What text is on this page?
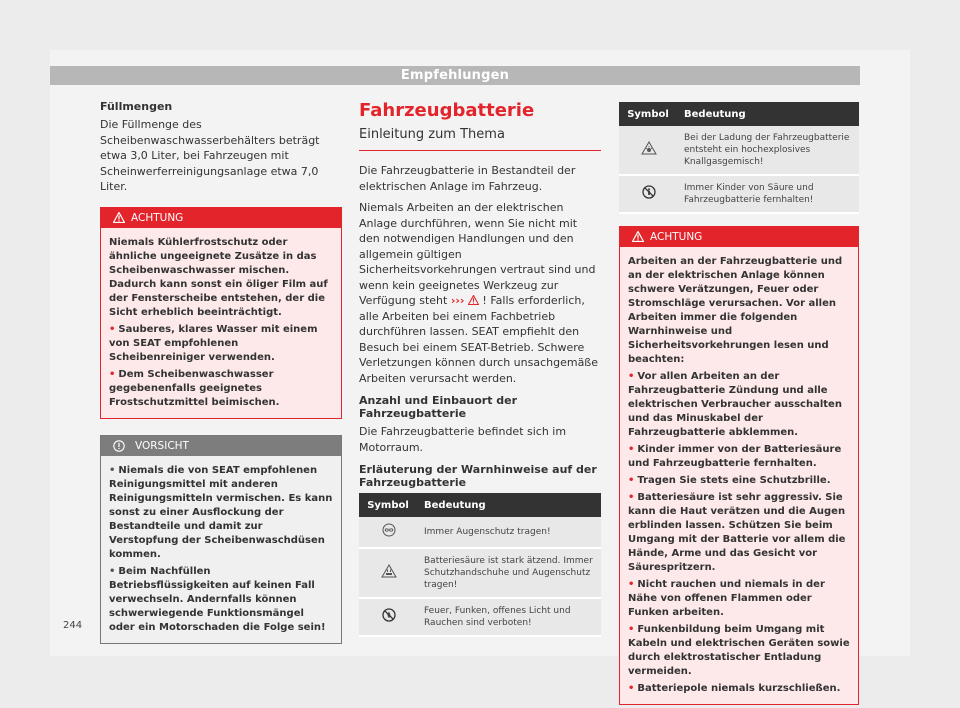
Empfehlungen
Füllmengen

Die Füllmenge des Scheibenwaschwasserbehälters beträgt etwa 3,0 Liter, bei Fahrzeugen mit Scheinwerferreinigungsanlage etwa 7,0 Liter.

ACHTUNG
Niemals Kühlerfrostschutz oder ähnliche ungeeignete Zusätze in das Scheibenwaschwasser mischen. Dadurch kann sonst ein öliger Film auf der Fensterscheibe entstehen, der die Sicht erheblich beeinträchtigt.
• Sauberes, klares Wasser mit einem von SEAT empfohlenen Scheibenreiniger verwenden.
• Dem Scheibenwaschwasser gegebenenfalls geeignetes Frostschutzmittel beimischen.
VORSICHT
• Niemals die von SEAT empfohlenen Reinigungsmittel mit anderen Reinigungsmitteln vermischen. Es kann sonst zu einer Ausflockung der Bestandteile und damit zur Verstopfung der Scheibenwaschdüsen kommen.
• Beim Nachfüllen Betriebsflüssigkeiten auf keinen Fall verwechseln. Andernfalls können schwerwiegende Funktionsmängel oder ein Motorschaden die Folge sein!
Fahrzeugbatterie
Einleitung zum Thema

Die Fahrzeugbatterie in Bestandteil der elektrischen Anlage im Fahrzeug.

Niemals Arbeiten an der elektrischen Anlage durchführen, wenn Sie nicht mit den notwendigen Handlungen und den allgemein gültigen Sicherheitsvorkehrungen vertraut sind und wenn kein geeignetes Werkzeug zur Verfügung steht ››› ! Falls erforderlich, alle Arbeiten bei einem Fachbetrieb durchführen lassen. SEAT empfiehlt den Besuch bei einem SEAT-Betrieb. Schwere Verletzungen können durch unsachgemäße Arbeiten verursacht werden.

Anzahl und Einbauort der Fahrzeugbatterie

Die Fahrzeugbatterie befindet sich im Motorraum.

Erläuterung der Warnhinweise auf der Fahrzeugbatterie
Symbol	Bedeutung
	Immer Augenschutz tragen!
	Batteriesäure ist stark ätzend. Immer Schutzhandschuhe und Augenschutz tragen!
	Feuer, Funken, offenes Licht und Rauchen sind verboten!
Symbol	Bedeutung
	Bei der Ladung der Fahrzeugbatterie entsteht ein hochexplosives Knallgasgemisch!
	Immer Kinder von Säure und Fahrzeugbatterie fernhalten!
ACHTUNG
Arbeiten an der Fahrzeugbatterie und an der elektrischen Anlage können schwere Verätzungen, Feuer oder Stromschläge verursachen. Vor allen Arbeiten immer die folgenden Warnhinweise und Sicherheitsvorkehrungen lesen und beachten:
• Vor allen Arbeiten an der Fahrzeugbatterie Zündung und alle elektrischen Verbraucher ausschalten und das Minuskabel der Fahrzeugbatterie abklemmen.
• Kinder immer von der Batteriesäure und Fahrzeugbatterie fernhalten.
• Tragen Sie stets eine Schutzbrille.
• Batteriesäure ist sehr aggressiv. Sie kann die Haut verätzen und die Augen erblinden lassen. Schützen Sie beim Umgang mit der Batterie vor allem die Hände, Arme und das Gesicht vor Säurespritzern.
• Nicht rauchen und niemals in der Nähe von offenen Flammen oder Funken arbeiten.
• Funkenbildung beim Umgang mit Kabeln und elektrischen Geräten sowie durch elektrostatischer Entladung vermeiden.
• Batteriepole niemals kurzschließen.
244
